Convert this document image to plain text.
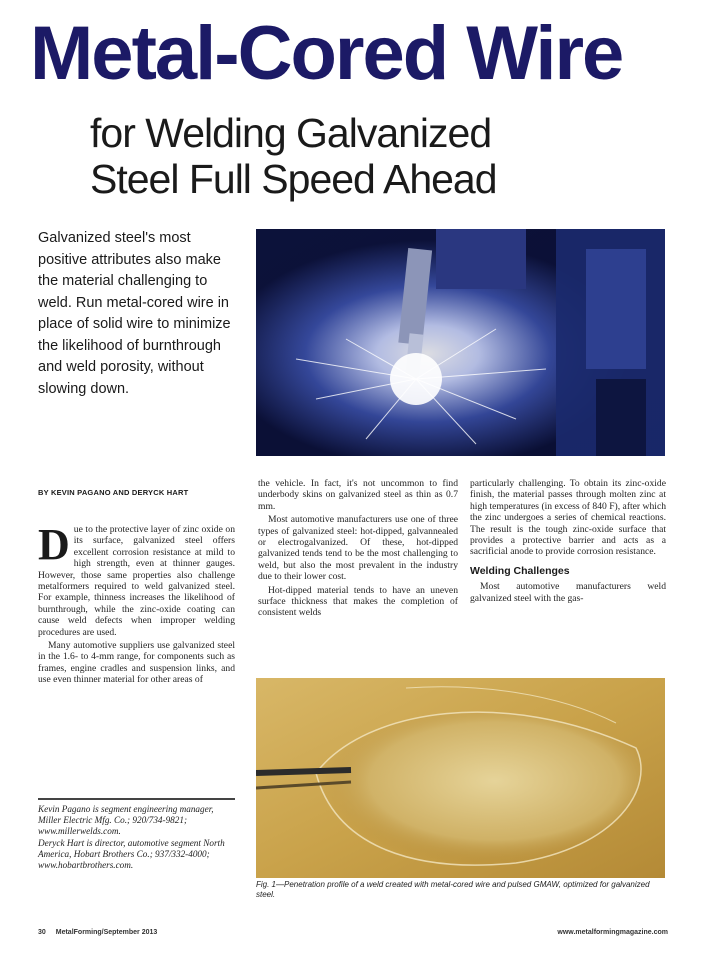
Metal-Cored Wire
for Welding Galvanized
Steel Full Speed Ahead
Galvanized steel's most positive attributes also make the material challenging to weld. Run metal-cored wire in place of solid wire to minimize the likelihood of burnthrough and weld porosity, without slowing down.
BY KEVIN PAGANO AND DERYCK HART

Due to the protective layer of zinc oxide on its surface, galvanized steel offers excellent corrosion resistance at mild to high strength, even at thinner gauges. However, those same properties also challenge metalformers required to weld galvanized steel. For example, thinness increases the likelihood of burnthrough, while the zinc-oxide coating can cause weld defects when improper welding procedures are used.

Many automotive suppliers use galvanized steel in the 1.6- to 4-mm range, for components such as frames, engine cradles and suspension links, and use even thinner material for other areas of

the vehicle. In fact, it's not uncommon to find underbody skins on galvanized steel as thin as 0.7 mm.

Most automotive manufacturers use one of three types of galvanized steel: hot-dipped, galvannealed or electrogalvanized. Of these, hot-dipped galvanized tends tend to be the most challenging to weld, but also the most prevalent in the industry due to their lower cost.

Hot-dipped material tends to have an uneven surface thickness that makes the completion of consistent welds

particularly challenging. To obtain its zinc-oxide finish, the material passes through molten zinc at high temperatures (in excess of 840 F), after which the zinc undergoes a series of chemical reactions. The result is the tough zinc-oxide surface that provides a protective barrier and acts as a sacrificial anode to provide corrosion resistance.

Welding Challenges

Most automotive manufacturers weld galvanized steel with the gas-

Kevin Pagano is segment engineering manager, Miller Electric Mfg. Co.; 920/734-9821; www.millerwelds.com.
Deryck Hart is director, automotive segment North America, Hobart Brothers Co.; 937/332-4000; www.hobartbrothers.com.
Fig. 1—Penetration profile of a weld created with metal-cored wire and pulsed GMAW, optimized for galvanized steel.
30 MetalForming/September 2013	www.metalformingmagazine.com
